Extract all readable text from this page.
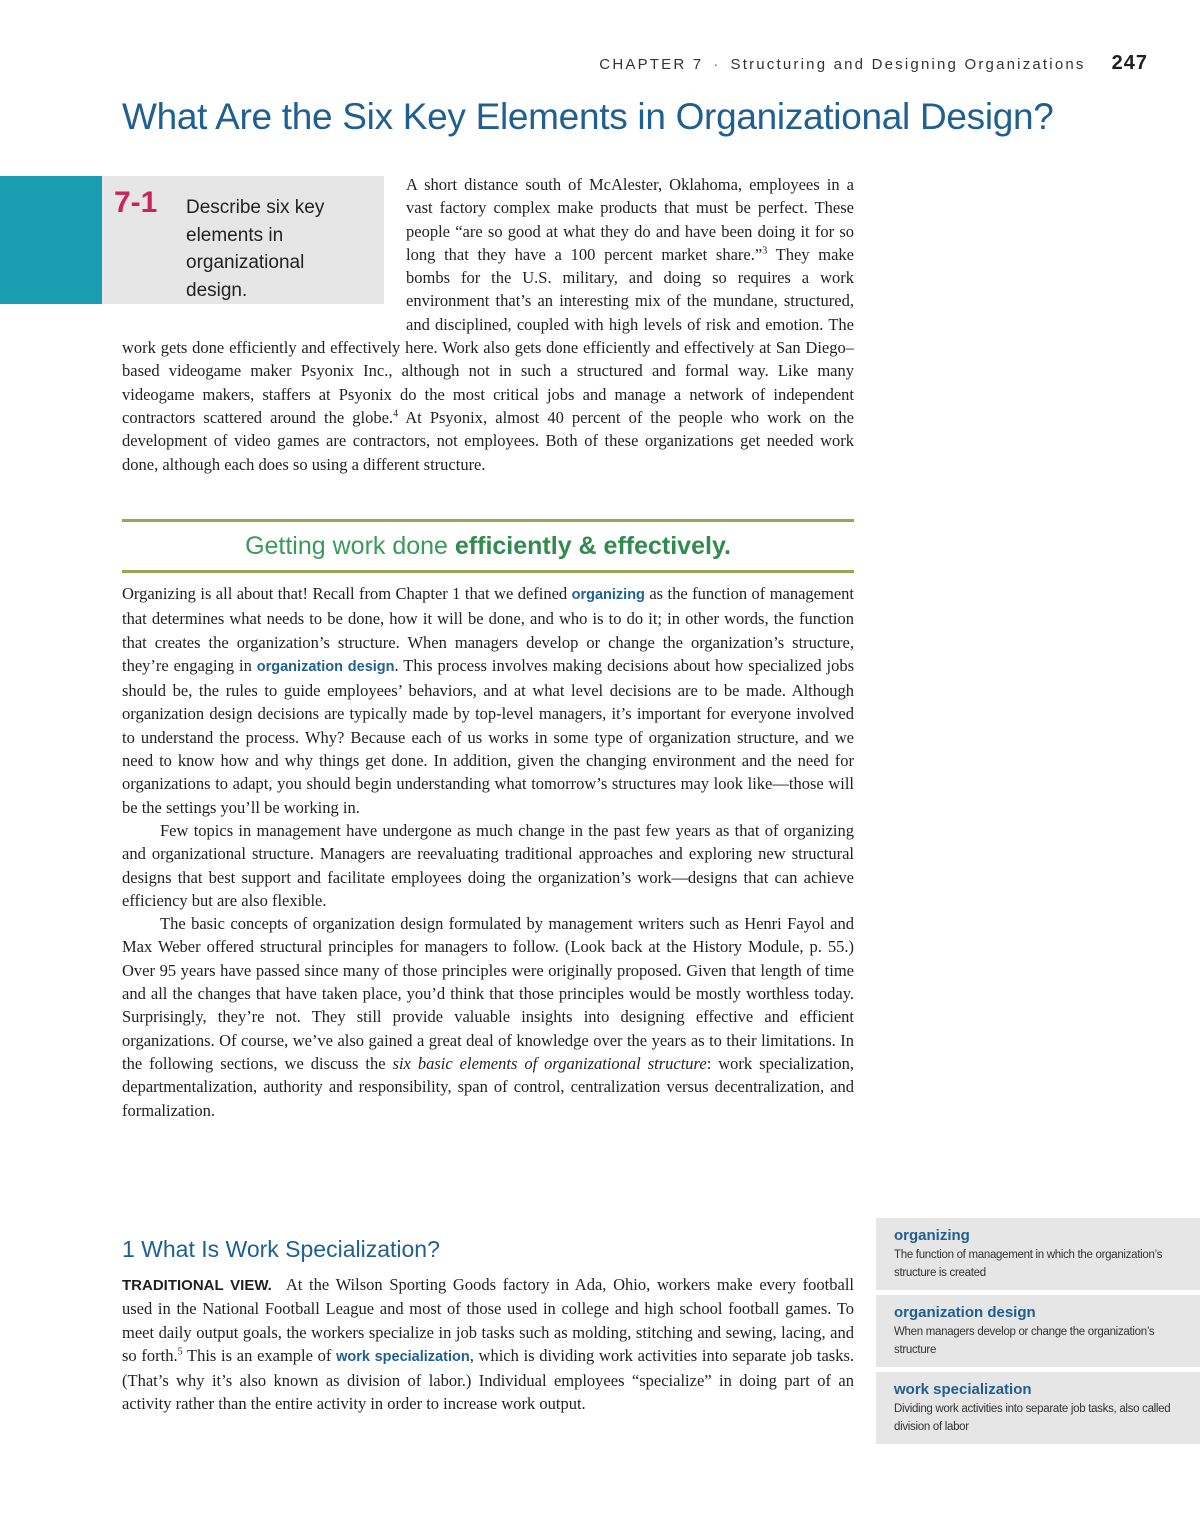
CHAPTER 7 · Structuring and Designing Organizations 247
What Are the Six Key Elements in Organizational Design?
7-1 Describe six key elements in organizational design.

A short distance south of McAlester, Oklahoma, employees in a vast factory complex make products that must be perfect. These people “are so good at what they do and have been doing it for so long that they have a 100 percent market share.”$^3$ They make bombs for the U.S. military, and doing so requires a work environment that’s an interesting mix of the mundane, structured, and disciplined, coupled with high levels of risk and emotion. The work gets done efficiently and effectively here. Work also gets done efficiently and effectively at San Diego–based videogame maker Psyonix Inc., although not in such a structured and formal way. Like many videogame makers, staffers at Psyonix do the most critical jobs and manage a network of independent contractors scattered around the globe.$^4$ At Psyonix, almost 40 percent of the people who work on the development of video games are contractors, not employees. Both of these organizations get needed work done, although each does so using a different structure.

Getting work done efficiently & effectively.

Organizing is all about that! Recall from Chapter 1 that we defined organizing as the function of management that determines what needs to be done, how it will be done, and who is to do it; in other words, the function that creates the organization’s structure. When managers develop or change the organization’s structure, they’re engaging in organization design. This process involves making decisions about how specialized jobs should be, the rules to guide employees’ behaviors, and at what level decisions are to be made. Although organization design decisions are typically made by top-level managers, it’s important for everyone involved to understand the process. Why? Because each of us works in some type of organization structure, and we need to know how and why things get done. In addition, given the changing environment and the need for organizations to adapt, you should begin understanding what tomorrow’s structures may look like—those will be the settings you’ll be working in.

Few topics in management have undergone as much change in the past few years as that of organizing and organizational structure. Managers are reevaluating traditional approaches and exploring new structural designs that best support and facilitate employees doing the organization’s work—designs that can achieve efficiency but are also flexible.

The basic concepts of organization design formulated by management writers such as Henri Fayol and Max Weber offered structural principles for managers to follow. (Look back at the History Module, p. 55.) Over 95 years have passed since many of those principles were originally proposed. Given that length of time and all the changes that have taken place, you’d think that those principles would be mostly worthless today. Surprisingly, they’re not. They still provide valuable insights into designing effective and efficient organizations. Of course, we’ve also gained a great deal of knowledge over the years as to their limitations. In the following sections, we discuss the six basic elements of organizational structure: work specialization, departmentalization, authority and responsibility, span of control, centralization versus decentralization, and formalization.

1 What Is Work Specialization?

TRADITIONAL VIEW. At the Wilson Sporting Goods factory in Ada, Ohio, workers make every football used in the National Football League and most of those used in college and high school football games. To meet daily output goals, the workers specialize in job tasks such as molding, stitching and sewing, lacing, and so forth.$^5$ This is an example of work specialization, which is dividing work activities into separate job tasks. (That’s why it’s also known as division of labor.) Individual employees “specialize” in doing part of an activity rather than the entire activity in order to increase work output.

organizing
The function of management in which the organization’s structure is created
organization design
When managers develop or change the organization’s structure
work specialization
Dividing work activities into separate job tasks, also called division of labor
